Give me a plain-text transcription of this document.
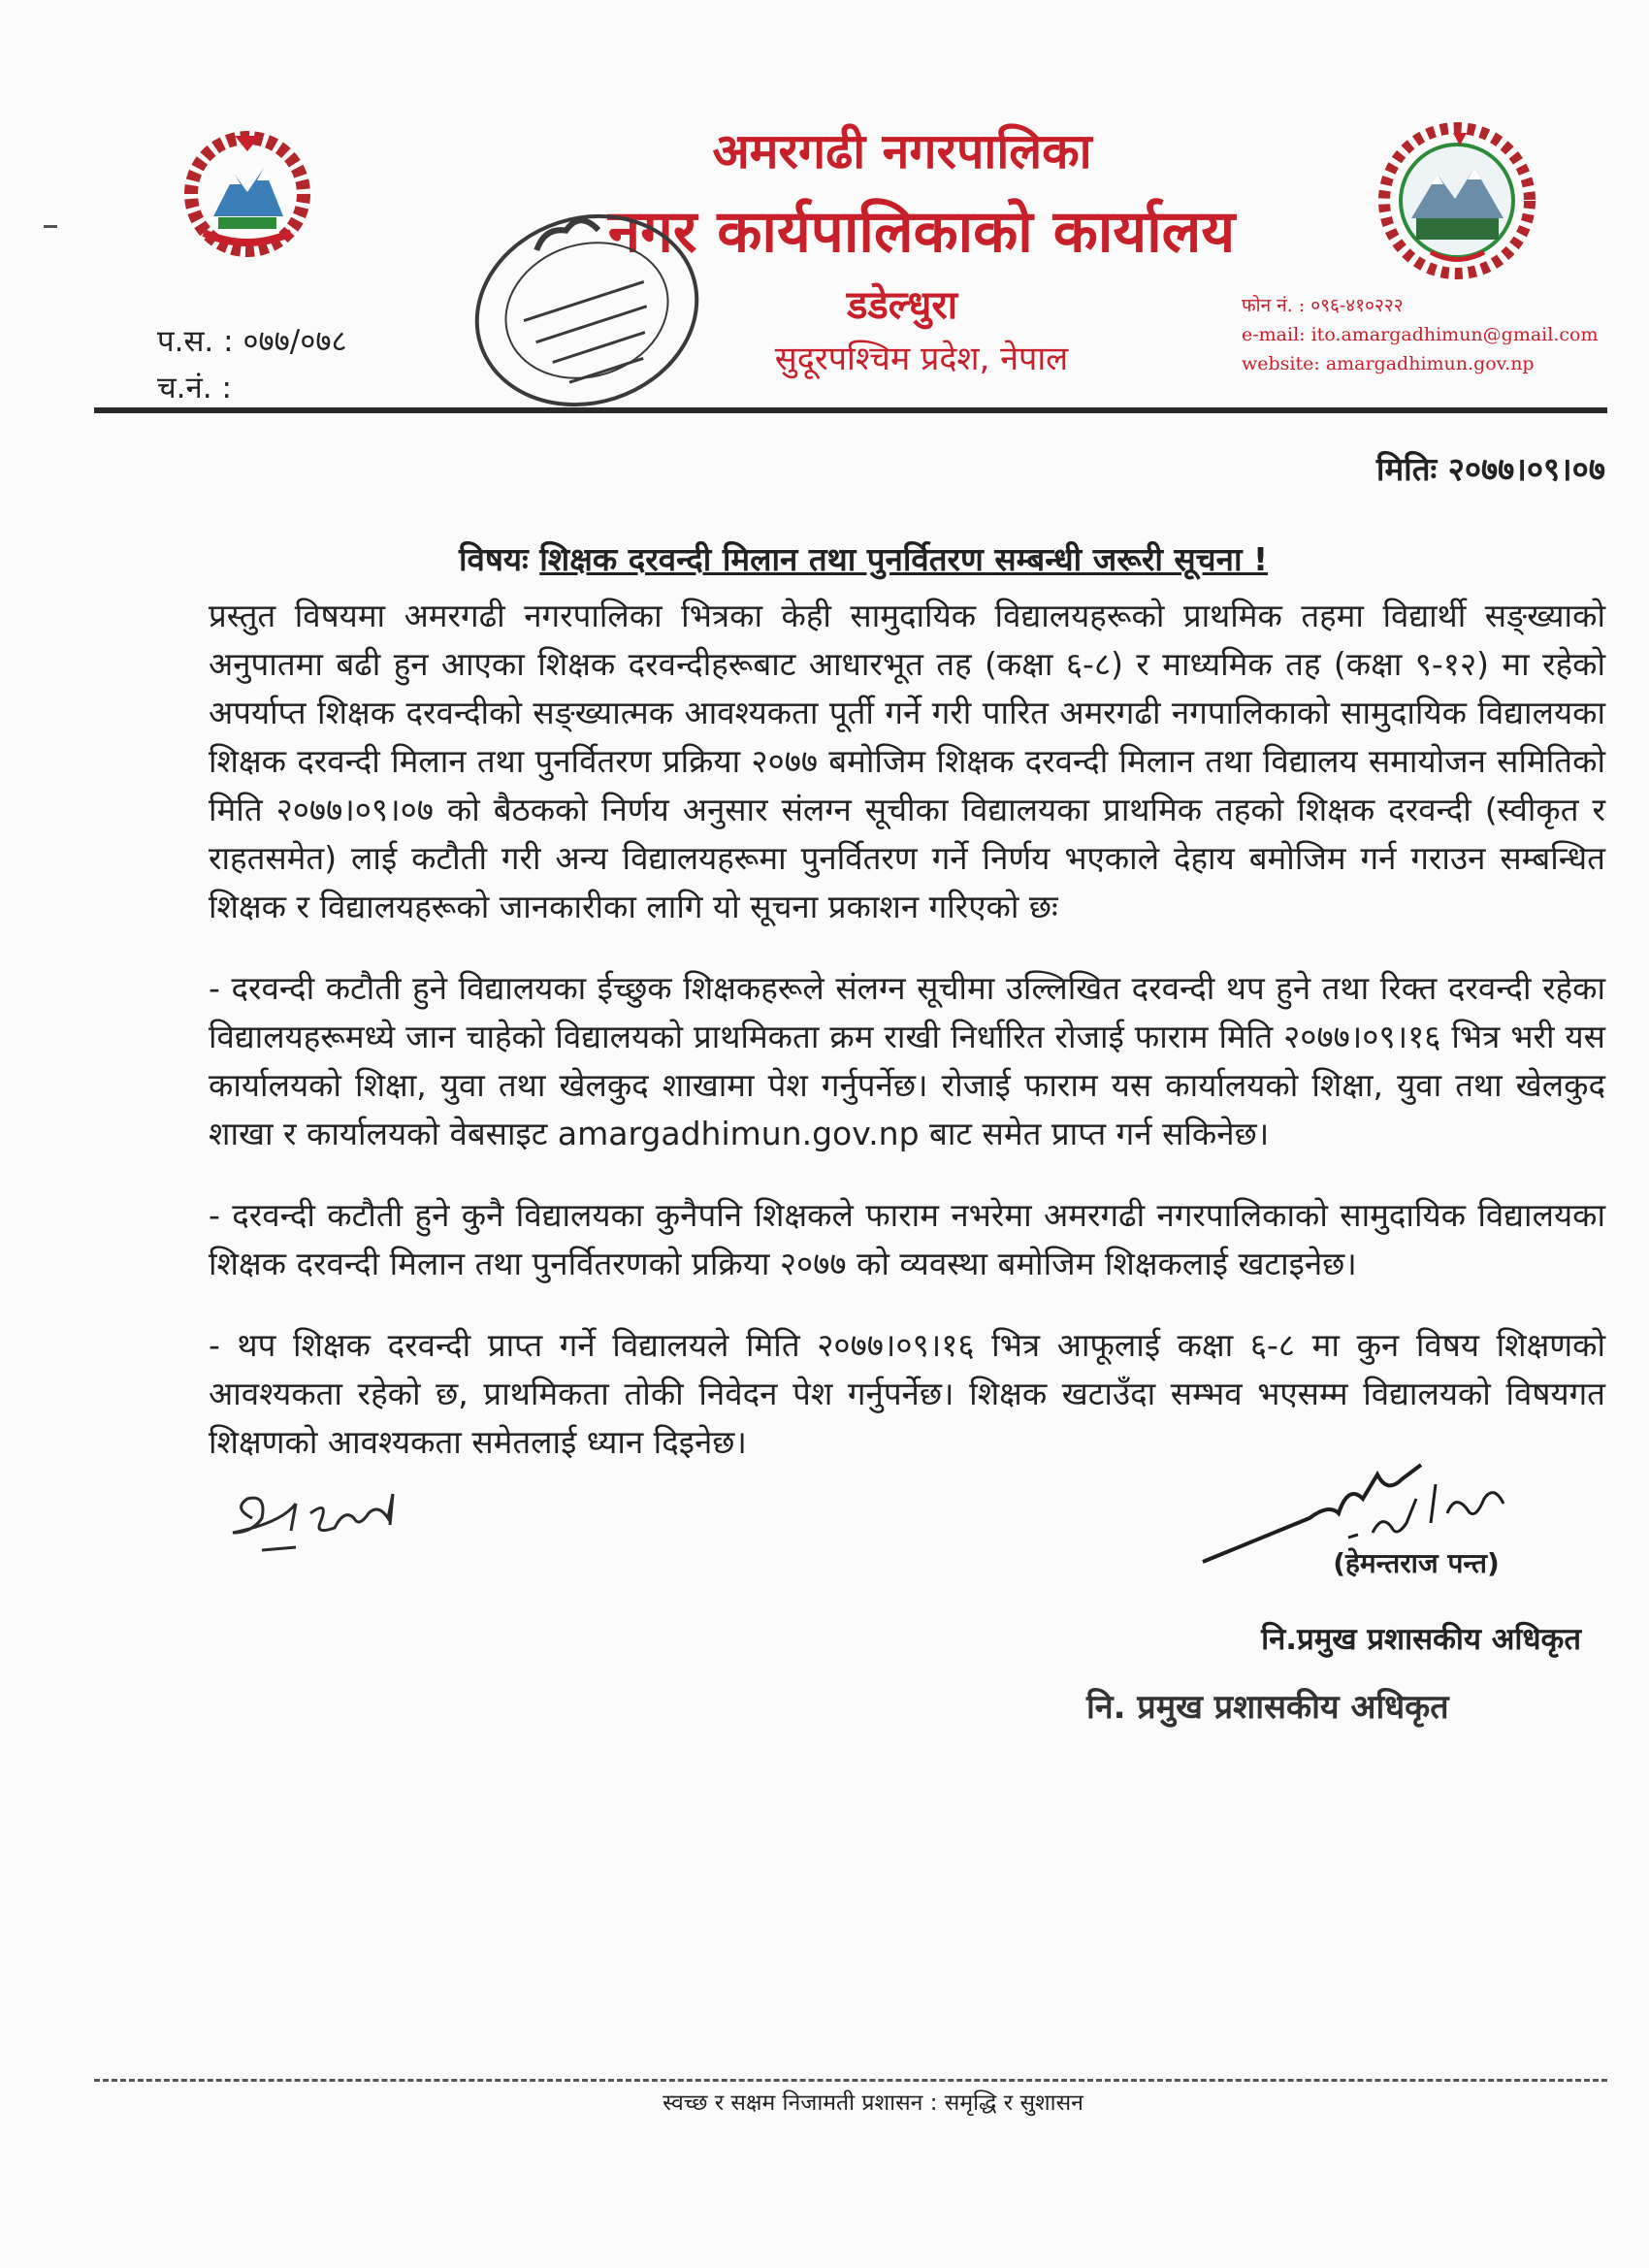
अमरगढी नगरपालिका
नगर कार्यपालिकाको कार्यालय
डडेल्धुरा
सुदूरपश्चिम प्रदेश, नेपाल
प.स. : ०७७/०७८
च.नं. :
फोन नं. : ०९६-४१०२२२
e-mail: ito.amargadhimun@gmail.com
website: amargadhimun.gov.np
मितिः २०७७।०९।०७
विषयः शिक्षक दरवन्दी मिलान तथा पुनर्वितरण सम्बन्धी जरूरी सूचना !

प्रस्तुत विषयमा अमरगढी नगरपालिका भित्रका केही सामुदायिक विद्यालयहरूको प्राथमिक तहमा विद्यार्थी सङ्ख्याको अनुपातमा बढी हुन आएका शिक्षक दरवन्दीहरूबाट आधारभूत तह (कक्षा ६-८) र माध्यमिक तह (कक्षा ९-१२) मा रहेको अपर्याप्त शिक्षक दरवन्दीको सङ्ख्यात्मक आवश्यकता पूर्ती गर्ने गरी पारित अमरगढी नगपालिकाको सामुदायिक विद्यालयका शिक्षक दरवन्दी मिलान तथा पुनर्वितरण प्रक्रिया २०७७ बमोजिम शिक्षक दरवन्दी मिलान तथा विद्यालय समायोजन समितिको मिति २०७७।०९।०७ को बैठकको निर्णय अनुसार संलग्न सूचीका विद्यालयका प्राथमिक तहको शिक्षक दरवन्दी (स्वीकृत र राहतसमेत) लाई कटौती गरी अन्य विद्यालयहरूमा पुनर्वितरण गर्ने निर्णय भएकाले देहाय बमोजिम गर्न गराउन सम्बन्धित शिक्षक र विद्यालयहरूको जानकारीका लागि यो सूचना प्रकाशन गरिएको छः

- दरवन्दी कटौती हुने विद्यालयका ईच्छुक शिक्षकहरूले संलग्न सूचीमा उल्लिखित दरवन्दी थप हुने तथा रिक्त दरवन्दी रहेका विद्यालयहरूमध्ये जान चाहेको विद्यालयको प्राथमिकता क्रम राखी निर्धारित रोजाई फाराम मिति २०७७।०९।१६ भित्र भरी यस कार्यालयको शिक्षा, युवा तथा खेलकुद शाखामा पेश गर्नुपर्नेछ। रोजाई फाराम यस कार्यालयको शिक्षा, युवा तथा खेलकुद शाखा र कार्यालयको वेबसाइट amargadhimun.gov.np बाट समेत प्राप्त गर्न सकिनेछ।

- दरवन्दी कटौती हुने कुनै विद्यालयका कुनैपनि शिक्षकले फाराम नभरेमा अमरगढी नगरपालिकाको सामुदायिक विद्यालयका शिक्षक दरवन्दी मिलान तथा पुनर्वितरणको प्रक्रिया २०७७ को व्यवस्था बमोजिम शिक्षकलाई खटाइनेछ।

- थप शिक्षक दरवन्दी प्राप्त गर्ने विद्यालयले मिति २०७७।०९।१६ भित्र आफूलाई कक्षा ६-८ मा कुन विषय शिक्षणको आवश्यकता रहेको छ, प्राथमिकता तोकी निवेदन पेश गर्नुपर्नेछ। शिक्षक खटाउँदा सम्भव भएसम्म विद्यालयको विषयगत शिक्षणको आवश्यकता समेतलाई ध्यान दिइनेछ।

(हेमन्तराज पन्त)
नि.प्रमुख प्रशासकीय अधिकृत
नि. प्रमुख प्रशासकीय अधिकृत
स्वच्छ र सक्षम निजामती प्रशासन : समृद्धि र सुशासन
